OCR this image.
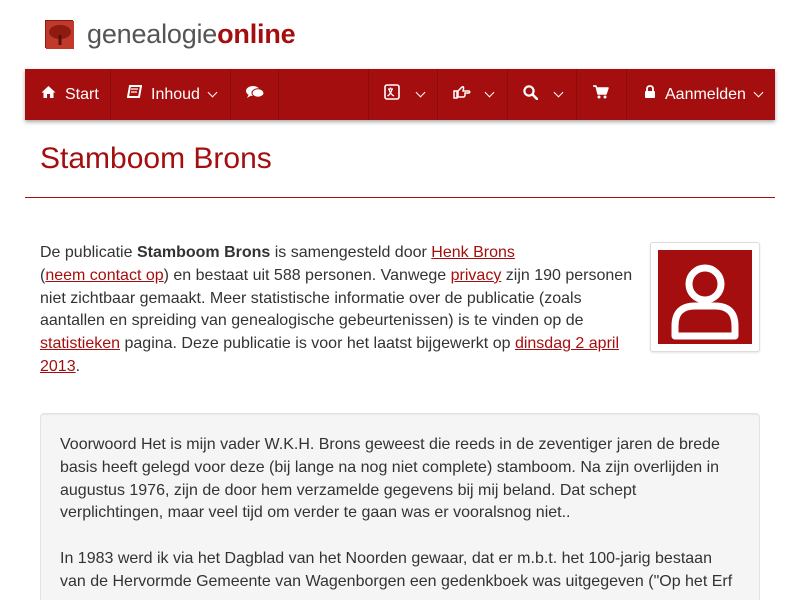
genealogieonline
Start	Inhoud	Aanmelden
Stamboom Brons
De publicatie Stamboom Brons is samengesteld door Henk Brons
(neem contact op) en bestaat uit 588 personen. Vanwege privacy zijn 190 personen niet zichtbaar gemaakt. Meer statistische informatie over de publicatie (zoals aantallen en spreiding van genealogische gebeurtenissen) is te vinden op de statistieken pagina. Deze publicatie is voor het laatst bijgewerkt op dinsdag 2 april 2013.

Voorwoord Het is mijn vader W.K.H. Brons geweest die reeds in de zeventiger jaren de brede basis heeft gelegd voor deze (bij lange na nog niet complete) stamboom. Na zijn overlijden in augustus 1976, zijn de door hem verzamelde gegevens bij mij beland. Dat schept verplichtingen, maar veel tijd om verder te gaan was er vooralsnog niet..

In 1983 werd ik via het Dagblad van het Noorden gewaar, dat er m.b.t. het 100-jarig bestaan van de Hervormde Gemeente van Wagenborgen een gedenkboek was uitgegeven ("Op het Erf
